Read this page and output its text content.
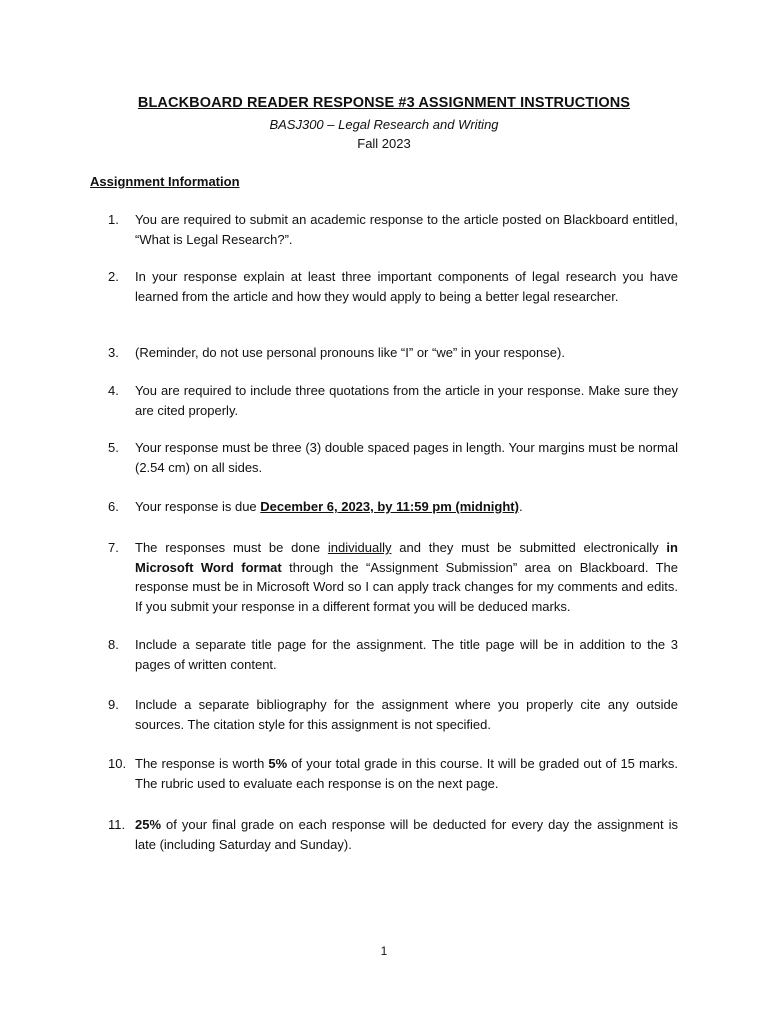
BLACKBOARD READER RESPONSE #3 ASSIGNMENT INSTRUCTIONS
BASJ300 – Legal Research and Writing
Fall 2023
Assignment Information
1.	You are required to submit an academic response to the article posted on Blackboard entitled, “What is Legal Research?”.
2.	In your response explain at least three important components of legal research you have learned from the article and how they would apply to being a better legal researcher.
3.	(Reminder, do not use personal pronouns like “I” or “we” in your response).
4.	You are required to include three quotations from the article in your response. Make sure they are cited properly.
5.	Your response must be three (3) double spaced pages in length. Your margins must be normal (2.54 cm) on all sides.
6.	Your response is due December 6, 2023, by 11:59 pm (midnight).
7.	The responses must be done individually and they must be submitted electronically in Microsoft Word format through the “Assignment Submission” area on Blackboard. The response must be in Microsoft Word so I can apply track changes for my comments and edits. If you submit your response in a different format you will be deduced marks.
8.	Include a separate title page for the assignment. The title page will be in addition to the 3 pages of written content.
9.	Include a separate bibliography for the assignment where you properly cite any outside sources. The citation style for this assignment is not specified.
10. The response is worth 5% of your total grade in this course. It will be graded out of 15 marks. The rubric used to evaluate each response is on the next page.
11. 25% of your final grade on each response will be deducted for every day the assignment is late (including Saturday and Sunday).
1
